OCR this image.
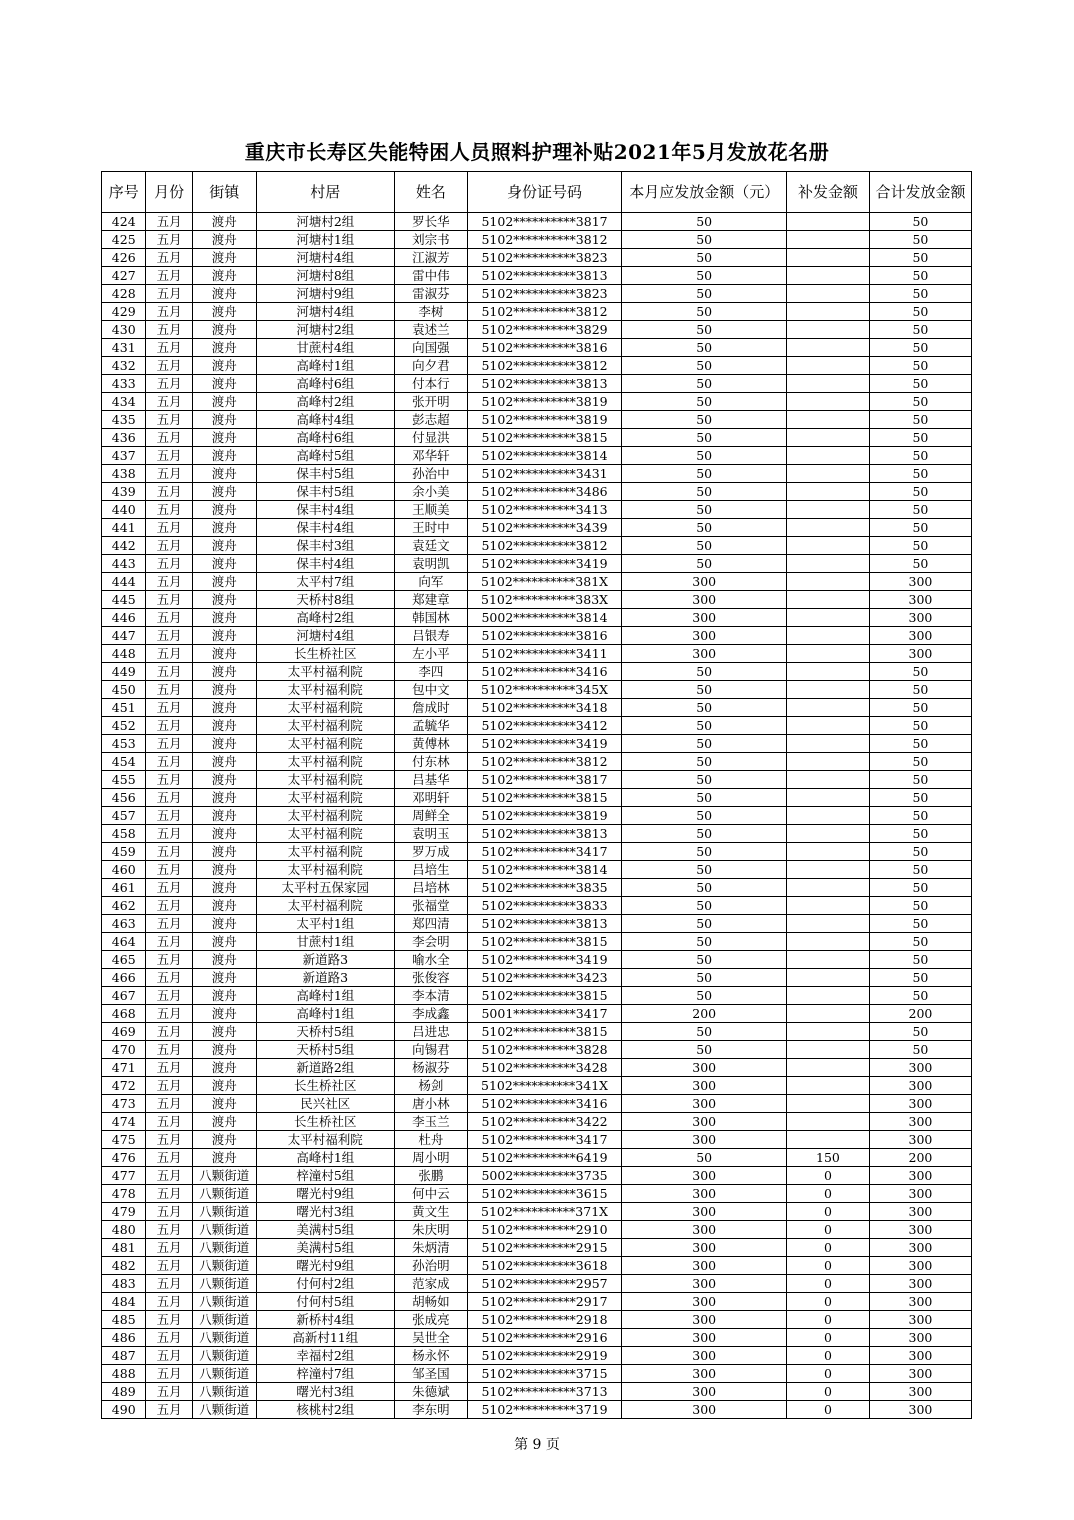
重庆市长寿区失能特困人员照料护理补贴2021年5月发放花名册
序号	月份	街镇	村居	姓名	身份证号码	本月应发放金额（元）	补发金额	合计发放金额
424	五月	渡舟	河塘村2组	罗长华	5102**********3817	50		50
425	五月	渡舟	河塘村1组	刘宗书	5102**********3812	50		50
426	五月	渡舟	河塘村4组	江淑芳	5102**********3823	50		50
427	五月	渡舟	河塘村8组	雷中伟	5102**********3813	50		50
428	五月	渡舟	河塘村9组	雷淑芬	5102**********3823	50		50
429	五月	渡舟	河塘村4组	李树	5102**********3812	50		50
430	五月	渡舟	河塘村2组	袁述兰	5102**********3829	50		50
431	五月	渡舟	甘蔗村4组	向国强	5102**********3816	50		50
432	五月	渡舟	高峰村1组	向夕君	5102**********3812	50		50
433	五月	渡舟	高峰村6组	付本行	5102**********3813	50		50
434	五月	渡舟	高峰村2组	张开明	5102**********3819	50		50
435	五月	渡舟	高峰村4组	彭志超	5102**********3819	50		50
436	五月	渡舟	高峰村6组	付显洪	5102**********3815	50		50
437	五月	渡舟	高峰村5组	邓华轩	5102**********3814	50		50
438	五月	渡舟	保丰村5组	孙治中	5102**********3431	50		50
439	五月	渡舟	保丰村5组	余小美	5102**********3486	50		50
440	五月	渡舟	保丰村4组	王顺美	5102**********3413	50		50
441	五月	渡舟	保丰村4组	王时中	5102**********3439	50		50
442	五月	渡舟	保丰村3组	袁廷文	5102**********3812	50		50
443	五月	渡舟	保丰村4组	袁明凯	5102**********3419	50		50
444	五月	渡舟	太平村7组	向军	5102**********381X	300		300
445	五月	渡舟	天桥村8组	郑建章	5102**********383X	300		300
446	五月	渡舟	高峰村2组	韩国林	5002**********3814	300		300
447	五月	渡舟	河塘村4组	吕银寿	5102**********3816	300		300
448	五月	渡舟	长生桥社区	左小平	5102**********3411	300		300
449	五月	渡舟	太平村福利院	李四	5102**********3416	50		50
450	五月	渡舟	太平村福利院	包中文	5102**********345X	50		50
451	五月	渡舟	太平村福利院	詹成时	5102**********3418	50		50
452	五月	渡舟	太平村福利院	孟毓华	5102**********3412	50		50
453	五月	渡舟	太平村福利院	黄傅林	5102**********3419	50		50
454	五月	渡舟	太平村福利院	付东林	5102**********3812	50		50
455	五月	渡舟	太平村福利院	吕基华	5102**********3817	50		50
456	五月	渡舟	太平村福利院	邓明轩	5102**********3815	50		50
457	五月	渡舟	太平村福利院	周鲜全	5102**********3819	50		50
458	五月	渡舟	太平村福利院	袁明玉	5102**********3813	50		50
459	五月	渡舟	太平村福利院	罗万成	5102**********3417	50		50
460	五月	渡舟	太平村福利院	吕培生	5102**********3814	50		50
461	五月	渡舟	太平村五保家园	吕培林	5102**********3835	50		50
462	五月	渡舟	太平村福利院	张福堂	5102**********3833	50		50
463	五月	渡舟	太平村1组	郑四清	5102**********3813	50		50
464	五月	渡舟	甘蔗村1组	李会明	5102**********3815	50		50
465	五月	渡舟	新道路3	喻水全	5102**********3419	50		50
466	五月	渡舟	新道路3	张俊容	5102**********3423	50		50
467	五月	渡舟	高峰村1组	李本清	5102**********3815	50		50
468	五月	渡舟	高峰村1组	李成鑫	5001**********3417	200		200
469	五月	渡舟	天桥村5组	吕进忠	5102**********3815	50		50
470	五月	渡舟	天桥村5组	向锡君	5102**********3828	50		50
471	五月	渡舟	新道路2组	杨淑芬	5102**********3428	300		300
472	五月	渡舟	长生桥社区	杨剑	5102**********341X	300		300
473	五月	渡舟	民兴社区	唐小林	5102**********3416	300		300
474	五月	渡舟	长生桥社区	李玉兰	5102**********3422	300		300
475	五月	渡舟	太平村福利院	杜舟	5102**********3417	300		300
476	五月	渡舟	高峰村1组	周小明	5102**********6419	50	150	200
477	五月	八颗街道	梓潼村5组	张鹏	5002**********3735	300	0	300
478	五月	八颗街道	曙光村9组	何中云	5102**********3615	300	0	300
479	五月	八颗街道	曙光村3组	黄文生	5102**********371X	300	0	300
480	五月	八颗街道	美满村5组	朱庆明	5102**********2910	300	0	300
481	五月	八颗街道	美满村5组	朱炳清	5102**********2915	300	0	300
482	五月	八颗街道	曙光村9组	孙治明	5102**********3618	300	0	300
483	五月	八颗街道	付何村2组	范家成	5102**********2957	300	0	300
484	五月	八颗街道	付何村5组	胡畅如	5102**********2917	300	0	300
485	五月	八颗街道	新桥村4组	张成亮	5102**********2918	300	0	300
486	五月	八颗街道	高新村11组	吴世全	5102**********2916	300	0	300
487	五月	八颗街道	幸福村2组	杨永怀	5102**********2919	300	0	300
488	五月	八颗街道	梓潼村7组	邹圣国	5102**********3715	300	0	300
489	五月	八颗街道	曙光村3组	朱德斌	5102**********3713	300	0	300
490	五月	八颗街道	核桃村2组	李东明	5102**********3719	300	0	300
第 9 页
